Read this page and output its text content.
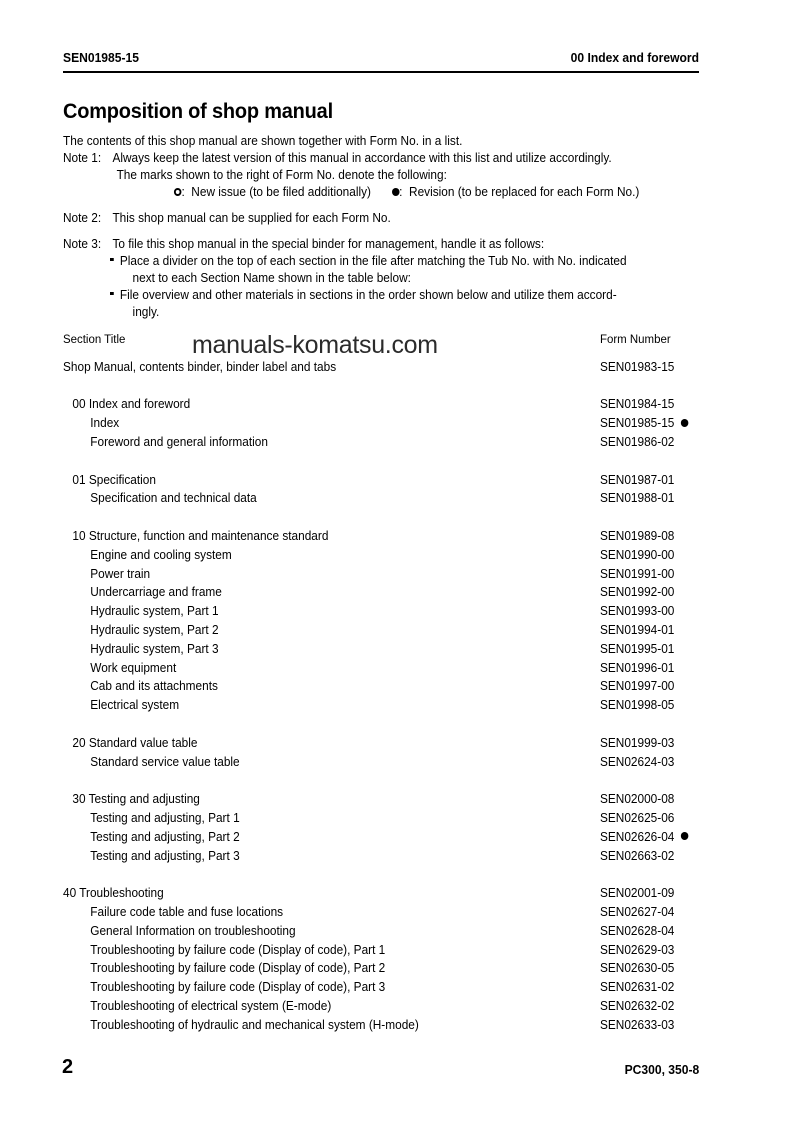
SEN01985-15	00 Index and foreword
Composition of shop manual
The contents of this shop manual are shown together with Form No. in a list.
Note 1: Always keep the latest version of this manual in accordance with this list and utilize accordingly.
The marks shown to the right of Form No. denote the following:
:  New issue (to be filed additionally) :  Revision (to be replaced for each Form No.)
Note 2: This shop manual can be supplied for each Form No.
Note 3: To file this shop manual in the special binder for management, handle it as follows:
Place a divider on the top of each section in the file after matching the Tub No. with No. indicated
next to each Section Name shown in the table below:
File overview and other materials in sections in the order shown below and utilize them accord-
ingly.

Section Title

	Form Number

Shop Manual, contents binder, binder label and tabs	SEN01983-15
00 Index and foreword	SEN01984-15
Index	SEN01985-15
Foreword and general information	SEN01986-02
01 Specification	SEN01987-01
Specification and technical data	SEN01988-01
10 Structure, function and maintenance standard	SEN01989-08
Engine and cooling system	SEN01990-00
Power train	SEN01991-00
Undercarriage and frame	SEN01992-00
Hydraulic system, Part 1	SEN01993-00
Hydraulic system, Part 2	SEN01994-01
Hydraulic system, Part 3	SEN01995-01
Work equipment	SEN01996-01
Cab and its attachments	SEN01997-00
Electrical system	SEN01998-05
20 Standard value table	SEN01999-03
Standard service value table	SEN02624-03
30 Testing and adjusting	SEN02000-08
Testing and adjusting, Part 1	SEN02625-06
Testing and adjusting, Part 2	SEN02626-04
Testing and adjusting, Part 3	SEN02663-02
40 Troubleshooting	SEN02001-09
Failure code table and fuse locations	SEN02627-04
General Information on troubleshooting	SEN02628-04
Troubleshooting by failure code (Display of code), Part 1	SEN02629-03
Troubleshooting by failure code (Display of code), Part 2	SEN02630-05
Troubleshooting by failure code (Display of code), Part 3	SEN02631-02
Troubleshooting of electrical system (E-mode)	SEN02632-02
Troubleshooting of hydraulic and mechanical system (H-mode)	SEN02633-03
manuals-komatsu.com
2	PC300, 350-8
